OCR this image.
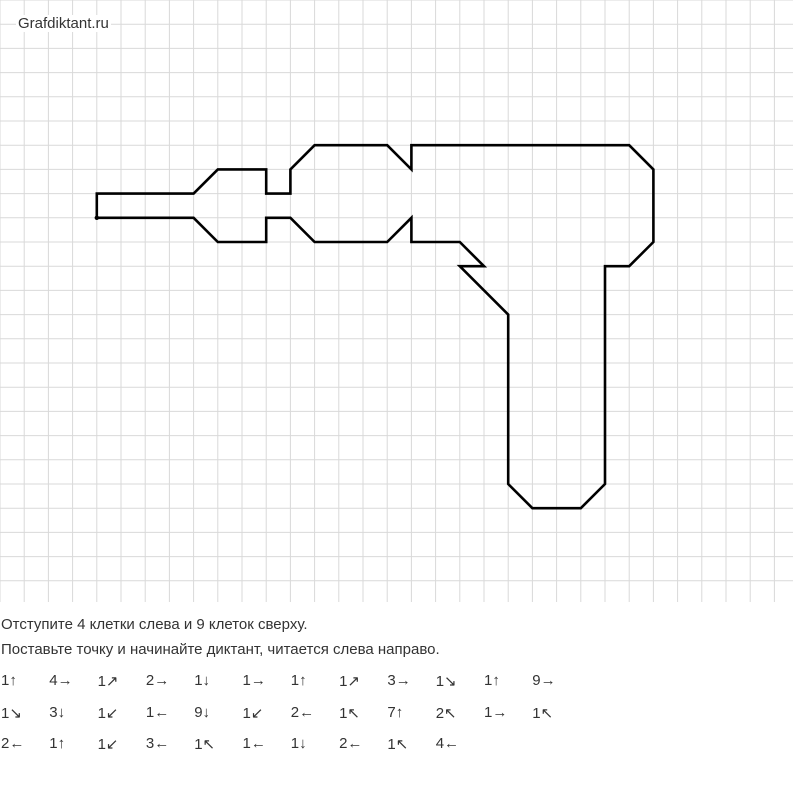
Grafdiktant.ru
Отступите 4 клетки слева и 9 клеток сверху.
Поставьте точку и начинайте диктант, читается слева направо.
1↑ 4→ 1↗ 2→ 1↓ 1→ 1↑ 1↗ 3→ 1↘ 1↑ 9→
1↘ 3↓ 1↙ 1← 9↓ 1↙ 2← 1↖ 7↑ 2↖ 1→ 1↖
2← 1↑ 1↙ 3← 1↖ 1← 1↓ 2← 1↖ 4←
